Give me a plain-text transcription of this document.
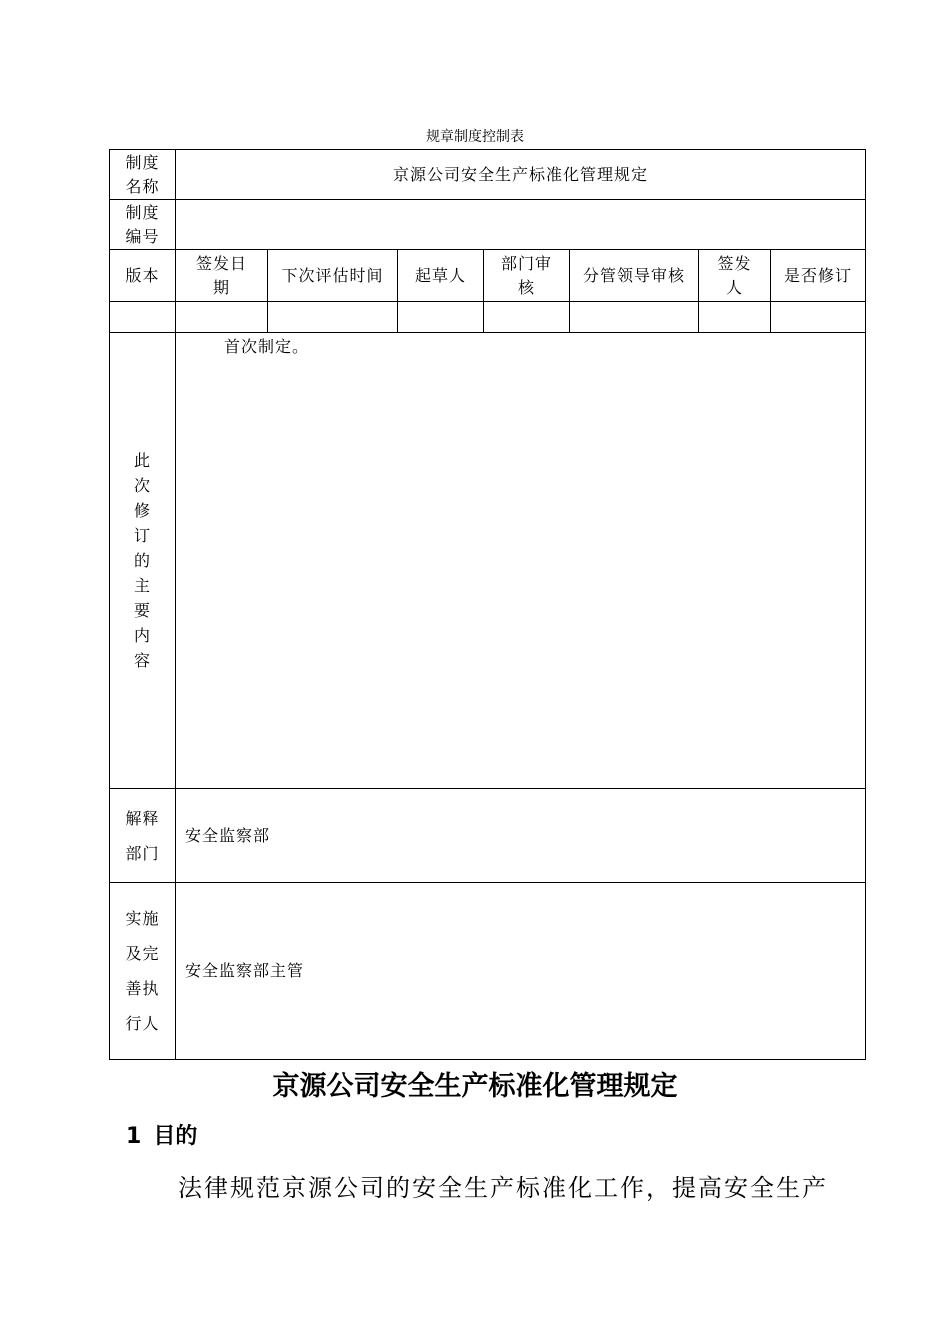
规章制度控制表
制度名称	京源公司安全生产标准化管理规定						

制度编号							

版本	签发日期	下次评估时间	起草人	部门审核	分管领导审核	签发人	是否修订

此次修订的主要内容	首次制定。						

解释部门	安全监察部						

实施及完善执行人	安全监察部主管						
京源公司安全生产标准化管理规定
1 目的
法律规范京源公司的安全生产标准化工作，提高安全生产
